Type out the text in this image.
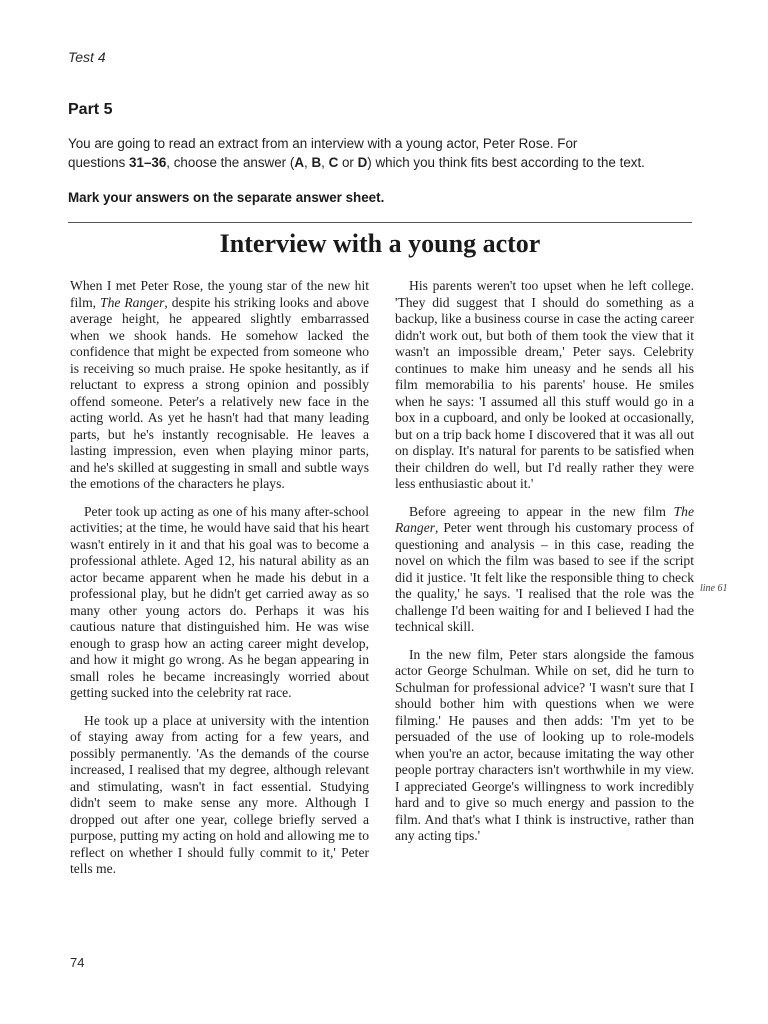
Test 4
Part 5
You are going to read an extract from an interview with a young actor, Peter Rose. For
questions 31–36, choose the answer (A, B, C or D) which you think fits best according to the text.
Mark your answers on the separate answer sheet.
Interview with a young actor

When I met Peter Rose, the young star of the new hit film, The Ranger, despite his striking looks and above average height, he appeared slightly embarrassed when we shook hands. He somehow lacked the confidence that might be expected from someone who is receiving so much praise. He spoke hesitantly, as if reluctant to express a strong opinion and possibly offend someone. Peter's a relatively new face in the acting world. As yet he hasn't had that many leading parts, but he's instantly recognisable. He leaves a lasting impression, even when playing minor parts, and he's skilled at suggesting in small and subtle ways the emotions of the characters he plays.

Peter took up acting as one of his many after-school activities; at the time, he would have said that his heart wasn't entirely in it and that his goal was to become a professional athlete. Aged 12, his natural ability as an actor became apparent when he made his debut in a professional play, but he didn't get carried away as so many other young actors do. Perhaps it was his cautious nature that distinguished him. He was wise enough to grasp how an acting career might develop, and how it might go wrong. As he began appearing in small roles he became increasingly worried about getting sucked into the celebrity rat race.

He took up a place at university with the intention of staying away from acting for a few years, and possibly permanently. 'As the demands of the course increased, I realised that my degree, although relevant and stimulating, wasn't in fact essential. Studying didn't seem to make sense any more. Although I dropped out after one year, college briefly served a purpose, putting my acting on hold and allowing me to reflect on whether I should fully commit to it,' Peter tells me.

His parents weren't too upset when he left college. 'They did suggest that I should do something as a backup, like a business course in case the acting career didn't work out, but both of them took the view that it wasn't an impossible dream,' Peter says. Celebrity continues to make him uneasy and he sends all his film memorabilia to his parents' house. He smiles when he says: 'I assumed all this stuff would go in a box in a cupboard, and only be looked at occasionally, but on a trip back home I discovered that it was all out on display. It's natural for parents to be satisfied when their children do well, but I'd really rather they were less enthusiastic about it.'

Before agreeing to appear in the new film The Ranger, Peter went through his customary process of questioning and analysis – in this case, reading the novel on which the film was based to see if the script did it justice. 'It felt like the responsible thing to check the quality,' he says. 'I realised that the role was the challenge I'd been waiting for and I believed I had the technical skill.

In the new film, Peter stars alongside the famous actor George Schulman. While on set, did he turn to Schulman for professional advice? 'I wasn't sure that I should bother him with questions when we were filming.' He pauses and then adds: 'I'm yet to be persuaded of the use of looking up to role-models when you're an actor, because imitating the way other people portray characters isn't worthwhile in my view. I appreciated George's willingness to work incredibly hard and to give so much energy and passion to the film. And that's what I think is instructive, rather than any acting tips.'

line 61
74
